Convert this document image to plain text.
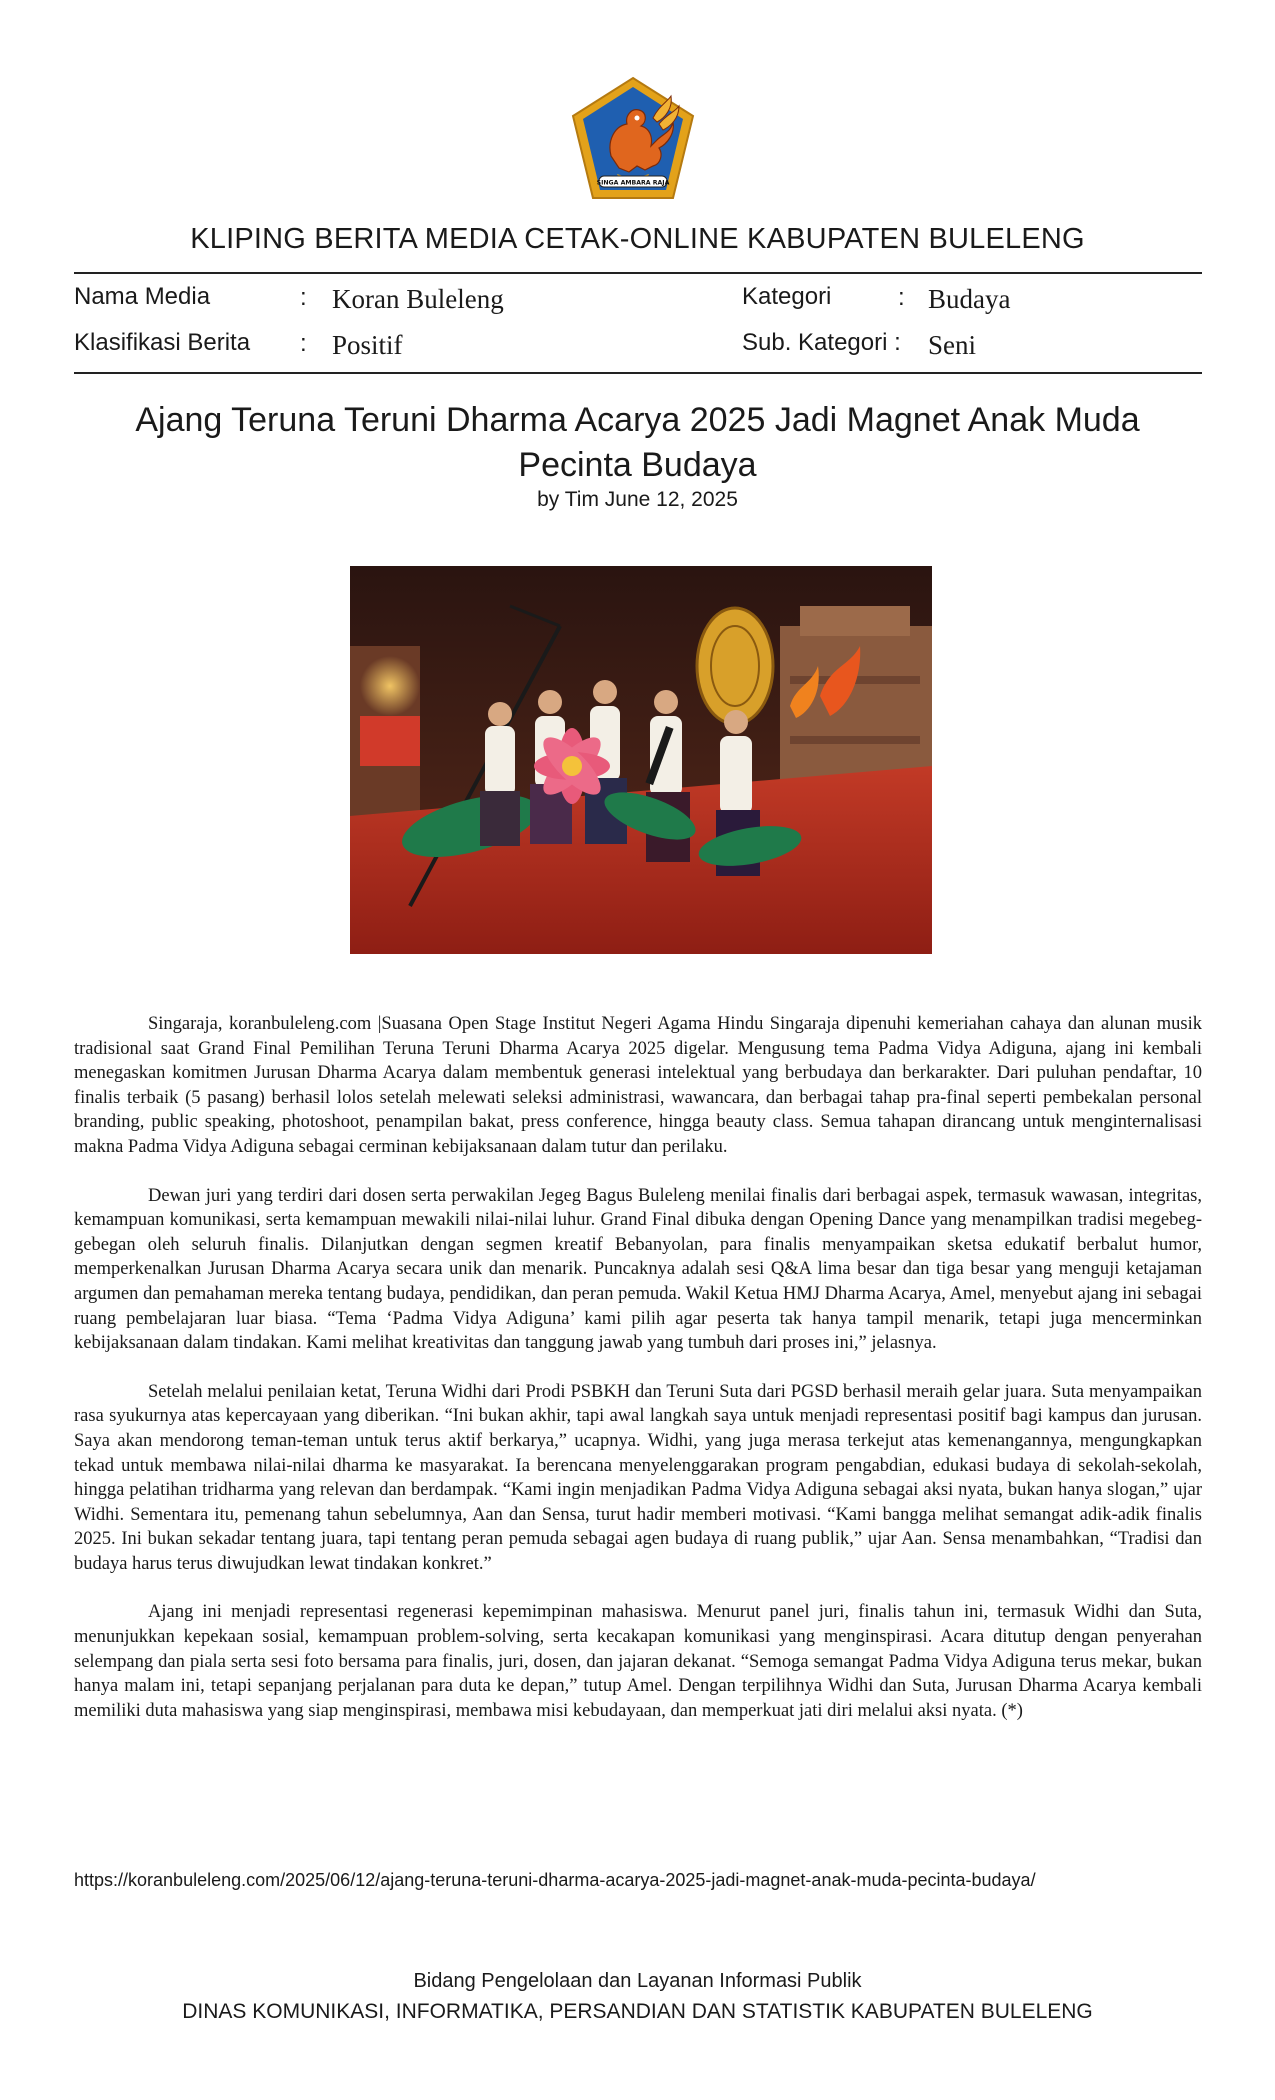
SINGA AMBARA RAJA
KLIPING BERITA MEDIA CETAK-ONLINE KABUPATEN BULELENG
Nama Media	: Koran Buleleng
Klasifikasi Berita : Positif
Kategori	: Budaya
Sub. Kategori : Seni
Ajang Teruna Teruni Dharma Acarya 2025 Jadi Magnet Anak Muda Pecinta Budaya
by Tim June 12, 2025

Singaraja, koranbuleleng.com |Suasana Open Stage Institut Negeri Agama Hindu Singaraja dipenuhi kemeriahan cahaya dan alunan musik tradisional saat Grand Final Pemilihan Teruna Teruni Dharma Acarya 2025 digelar. Mengusung tema Padma Vidya Adiguna, ajang ini kembali menegaskan komitmen Jurusan Dharma Acarya dalam membentuk generasi intelektual yang berbudaya dan berkarakter. Dari puluhan pendaftar, 10 finalis terbaik (5 pasang) berhasil lolos setelah melewati seleksi administrasi, wawancara, dan berbagai tahap pra-final seperti pembekalan personal branding, public speaking, photoshoot, penampilan bakat, press conference, hingga beauty class. Semua tahapan dirancang untuk menginternalisasi makna Padma Vidya Adiguna sebagai cerminan kebijaksanaan dalam tutur dan perilaku.

Dewan juri yang terdiri dari dosen serta perwakilan Jegeg Bagus Buleleng menilai finalis dari berbagai aspek, termasuk wawasan, integritas, kemampuan komunikasi, serta kemampuan mewakili nilai-nilai luhur. Grand Final dibuka dengan Opening Dance yang menampilkan tradisi megebeg-gebegan oleh seluruh finalis. Dilanjutkan dengan segmen kreatif Bebanyolan, para finalis menyampaikan sketsa edukatif berbalut humor, memperkenalkan Jurusan Dharma Acarya secara unik dan menarik. Puncaknya adalah sesi Q&A lima besar dan tiga besar yang menguji ketajaman argumen dan pemahaman mereka tentang budaya, pendidikan, dan peran pemuda. Wakil Ketua HMJ Dharma Acarya, Amel, menyebut ajang ini sebagai ruang pembelajaran luar biasa. “Tema ‘Padma Vidya Adiguna’ kami pilih agar peserta tak hanya tampil menarik, tetapi juga mencerminkan kebijaksanaan dalam tindakan. Kami melihat kreativitas dan tanggung jawab yang tumbuh dari proses ini,” jelasnya.

Setelah melalui penilaian ketat, Teruna Widhi dari Prodi PSBKH dan Teruni Suta dari PGSD berhasil meraih gelar juara. Suta menyampaikan rasa syukurnya atas kepercayaan yang diberikan. “Ini bukan akhir, tapi awal langkah saya untuk menjadi representasi positif bagi kampus dan jurusan. Saya akan mendorong teman-teman untuk terus aktif berkarya,” ucapnya. Widhi, yang juga merasa terkejut atas kemenangannya, mengungkapkan tekad untuk membawa nilai-nilai dharma ke masyarakat. Ia berencana menyelenggarakan program pengabdian, edukasi budaya di sekolah-sekolah, hingga pelatihan tridharma yang relevan dan berdampak. “Kami ingin menjadikan Padma Vidya Adiguna sebagai aksi nyata, bukan hanya slogan,” ujar Widhi. Sementara itu, pemenang tahun sebelumnya, Aan dan Sensa, turut hadir memberi motivasi. “Kami bangga melihat semangat adik-adik finalis 2025. Ini bukan sekadar tentang juara, tapi tentang peran pemuda sebagai agen budaya di ruang publik,” ujar Aan. Sensa menambahkan, “Tradisi dan budaya harus terus diwujudkan lewat tindakan konkret.”

Ajang ini menjadi representasi regenerasi kepemimpinan mahasiswa. Menurut panel juri, finalis tahun ini, termasuk Widhi dan Suta, menunjukkan kepekaan sosial, kemampuan problem-solving, serta kecakapan komunikasi yang menginspirasi. Acara ditutup dengan penyerahan selempang dan piala serta sesi foto bersama para finalis, juri, dosen, dan jajaran dekanat. “Semoga semangat Padma Vidya Adiguna terus mekar, bukan hanya malam ini, tetapi sepanjang perjalanan para duta ke depan,” tutup Amel. Dengan terpilihnya Widhi dan Suta, Jurusan Dharma Acarya kembali memiliki duta mahasiswa yang siap menginspirasi, membawa misi kebudayaan, dan memperkuat jati diri melalui aksi nyata. (*)

https://koranbuleleng.com/2025/06/12/ajang-teruna-teruni-dharma-acarya-2025-jadi-magnet-anak-muda-pecinta-budaya/
Bidang Pengelolaan dan Layanan Informasi Publik
DINAS KOMUNIKASI, INFORMATIKA, PERSANDIAN DAN STATISTIK KABUPATEN BULELENG
